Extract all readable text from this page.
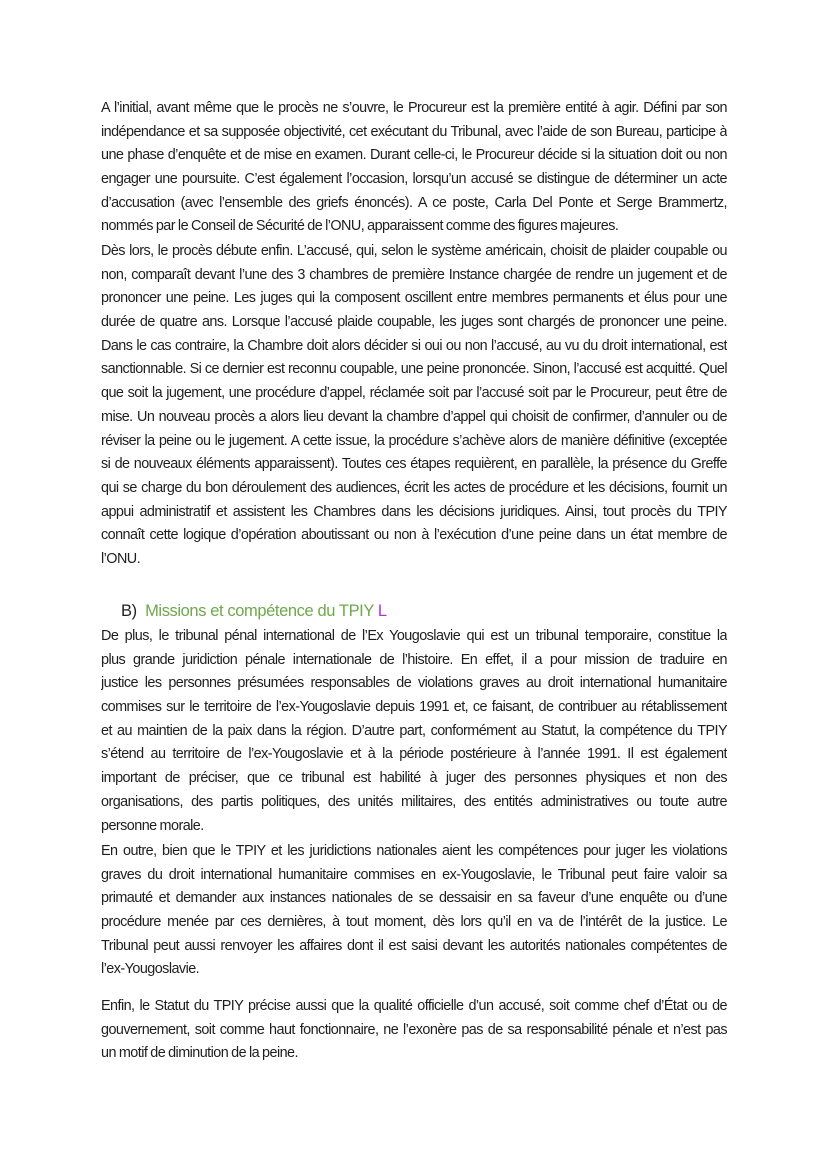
A l’initial, avant même que le procès ne s’ouvre, le Procureur est la première entité à agir. Défini par son
indépendance et sa supposée objectivité, cet exécutant du Tribunal, avec l’aide de son Bureau, participe à
une phase d’enquête et de mise en examen. Durant celle-ci, le Procureur décide si la situation doit ou non
engager une poursuite. C’est également l’occasion, lorsqu’un accusé se distingue de déterminer un acte
d’accusation (avec l’ensemble des griefs énoncés). A ce poste, Carla Del Ponte et Serge Brammertz,
nommés par le Conseil de Sécurité de l’ONU, apparaissent comme des figures majeures.
Dès lors, le procès débute enfin. L’accusé, qui, selon le système américain, choisit de plaider coupable ou
non, comparaît devant l’une des 3 chambres de première Instance chargée de rendre un jugement et de
prononcer une peine. Les juges qui la composent oscillent entre membres permanents et élus pour une
durée de quatre ans. Lorsque l’accusé plaide coupable, les juges sont chargés de prononcer une peine.
Dans le cas contraire, la Chambre doit alors décider si oui ou non l’accusé, au vu du droit international, est
sanctionnable. Si ce dernier est reconnu coupable, une peine prononcée. Sinon, l’accusé est acquitté. Quel
que soit la jugement, une procédure d’appel, réclamée soit par l’accusé soit par le Procureur, peut être de
mise. Un nouveau procès a alors lieu devant la chambre d’appel qui choisit de confirmer, d’annuler ou de
réviser la peine ou le jugement. A cette issue, la procédure s’achève alors de manière définitive (exceptée
si de nouveaux éléments apparaissent). Toutes ces étapes requièrent, en parallèle, la présence du Greffe
qui se charge du bon déroulement des audiences, écrit les actes de procédure et les décisions, fournit un
appui administratif et assistent les Chambres dans les décisions juridiques. Ainsi, tout procès du TPIY
connaît cette logique d’opération aboutissant ou non à l’exécution d’une peine dans un état membre de
l’ONU.
B) Missions et compétence du TPIY L
De plus, le tribunal pénal international de l’Ex Yougoslavie qui est un tribunal temporaire, constitue la
plus grande juridiction pénale internationale de l’histoire. En effet, il a pour mission de traduire en
justice les personnes présumées responsables de violations graves au droit international humanitaire
commises sur le territoire de l’ex-Yougoslavie depuis 1991 et, ce faisant, de contribuer au rétablissement
et au maintien de la paix dans la région. D’autre part, conformément au Statut, la compétence du TPIY
s’étend au territoire de l’ex-Yougoslavie et à la période postérieure à l’année 1991. Il est également
important de préciser, que ce tribunal est habilité à juger des personnes physiques et non des
organisations, des partis politiques, des unités militaires, des entités administratives ou toute autre
personne morale.
En outre, bien que le TPIY et les juridictions nationales aient les compétences pour juger les violations
graves du droit international humanitaire commises en ex-Yougoslavie, le Tribunal peut faire valoir sa
primauté et demander aux instances nationales de se dessaisir en sa faveur d’une enquête ou d’une
procédure menée par ces dernières, à tout moment, dès lors qu’il en va de l’intérêt de la justice. Le
Tribunal peut aussi renvoyer les affaires dont il est saisi devant les autorités nationales compétentes de
l’ex-Yougoslavie.
Enfin, le Statut du TPIY précise aussi que la qualité officielle d’un accusé, soit comme chef d’État ou de
gouvernement, soit comme haut fonctionnaire, ne l’exonère pas de sa responsabilité pénale et n’est pas
un motif de diminution de la peine.
